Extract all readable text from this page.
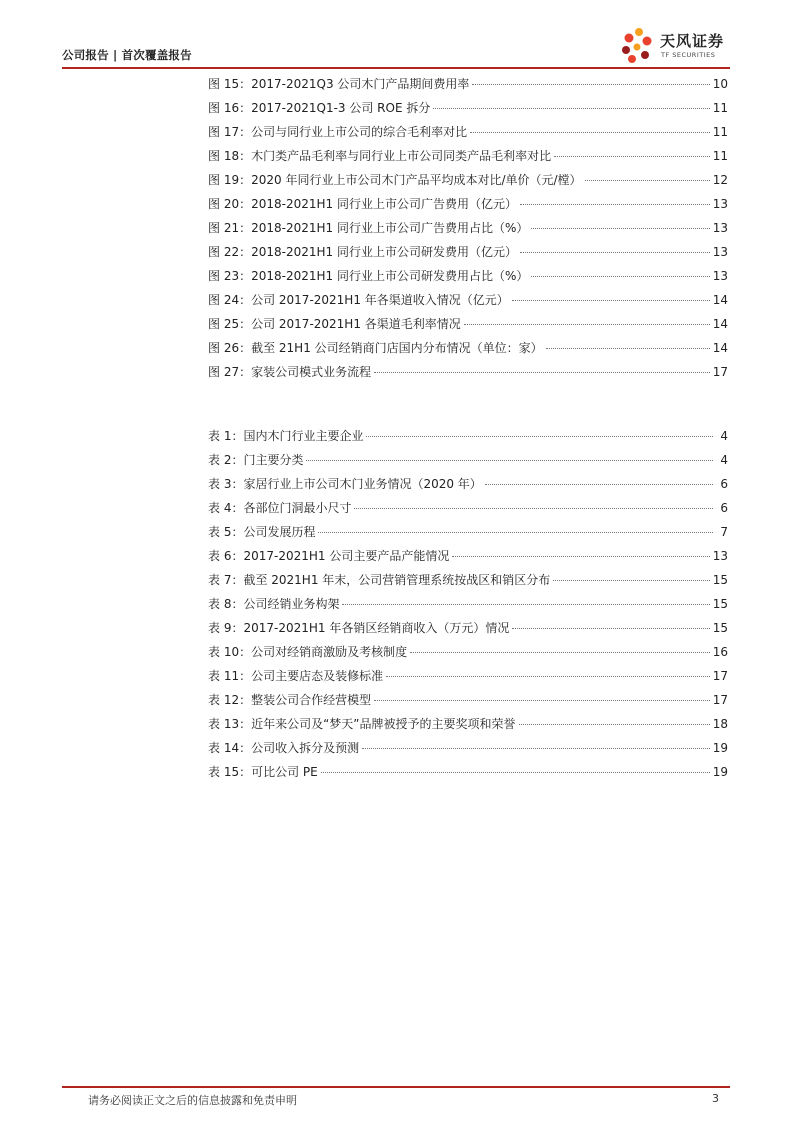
公司报告 | 首次覆盖报告
天风证券
TF SECURITIES
图 15：2017-2021Q3 公司木门产品期间费用率	10
图 16：2017-2021Q1-3 公司 ROE 拆分	11
图 17：公司与同行业上市公司的综合毛利率对比	11
图 18：木门类产品毛利率与同行业上市公司同类产品毛利率对比	11
图 19：2020 年同行业上市公司木门产品平均成本对比/单价（元/樘）	12
图 20：2018-2021H1 同行业上市公司广告费用（亿元）	13
图 21：2018-2021H1 同行业上市公司广告费用占比（%）	13
图 22：2018-2021H1 同行业上市公司研发费用（亿元）	13
图 23：2018-2021H1 同行业上市公司研发费用占比（%）	13
图 24：公司 2017-2021H1 年各渠道收入情况（亿元）	14
图 25：公司 2017-2021H1 各渠道毛利率情况	14
图 26：截至 21H1 公司经销商门店国内分布情况（单位：家）	14
图 27：家装公司模式业务流程	17
表 1：国内木门行业主要企业	4
表 2：门主要分类	4
表 3：家居行业上市公司木门业务情况（2020 年）	6
表 4：各部位门洞最小尺寸	6
表 5：公司发展历程	7
表 6：2017-2021H1 公司主要产品产能情况	13
表 7：截至 2021H1 年末，公司营销管理系统按战区和销区分布	15
表 8：公司经销业务构架	15
表 9：2017-2021H1 年各销区经销商收入（万元）情况	15
表 10：公司对经销商激励及考核制度	16
表 11：公司主要店态及装修标准	17
表 12：整装公司合作经营模型	17
表 13：近年来公司及“梦天”品牌被授予的主要奖项和荣誉	18
表 14：公司收入拆分及预测	19
表 15：可比公司 PE	19
请务必阅读正文之后的信息披露和免责申明	3
